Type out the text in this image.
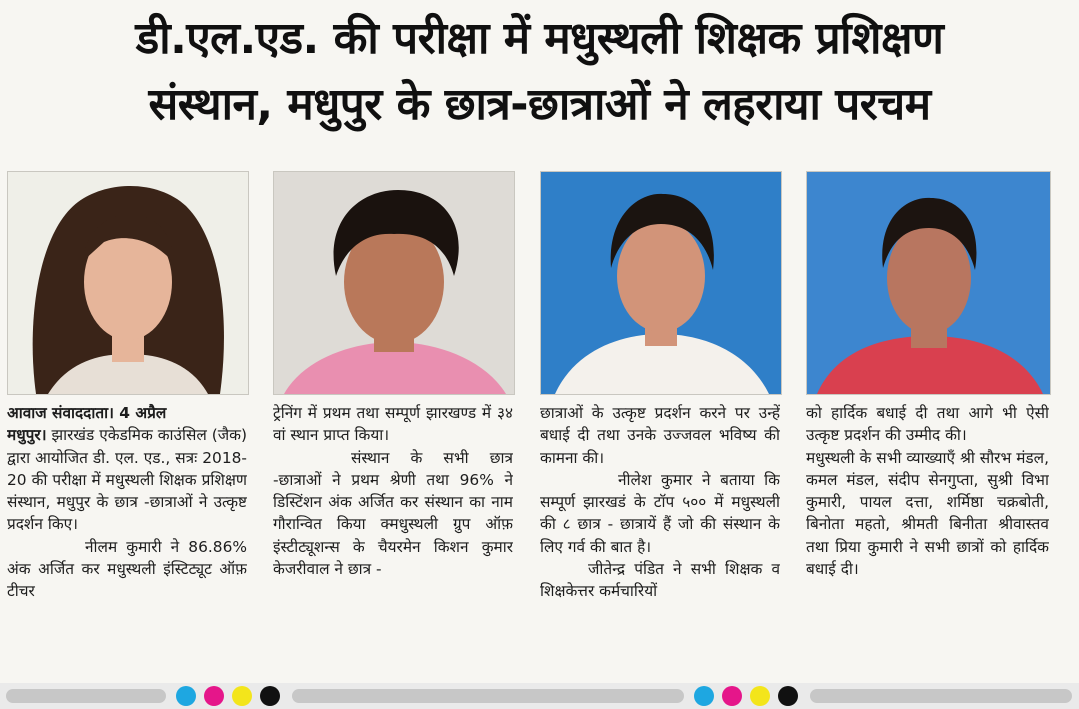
डी.एल.एड. की परीक्षा में मधुस्थली शिक्षक प्रशिक्षण
संस्थान, मधुपुर के छात्र-छात्राओं ने लहराया परचम

आवाज संवाददाता। 4 अप्रैल

मधुपुर। झारखंड एकेडमिक काउंसिल (जैक) द्वारा आयोजित डी. एल. एड., सत्रः 2018-20 की परीक्षा में मधुस्थली शिक्षक प्रशिक्षण संस्थान, मधुपुर के छात्र -छात्राओं ने उत्कृष्ट प्रदर्शन किए।

नीलम कुमारी ने 86.86% अंक अर्जित कर मधुस्थली इंस्टिट्यूट ऑफ़ टीचर

ट्रेनिंग में प्रथम तथा सम्पूर्ण झारखण्ड में ३४ वां स्थान प्राप्त किया।

संस्थान के सभी छात्र -छात्राओं ने प्रथम श्रेणी तथा 96% ने डिस्टिंशन अंक अर्जित कर संस्थान का नाम गौरान्वित किया क्मधुस्थली ग्रुप ऑफ़ इंस्टीट्यूशन्स के चैयरमेन किशन कुमार केजरीवाल ने छात्र -

छात्राओं के उत्कृष्ट प्रदर्शन करने पर उन्हें बधाई दी तथा उनके उज्जवल भविष्य की कामना की।

नीलेश कुमार ने बताया कि सम्पूर्ण झारखडं के टॉप ५०० में मधुस्थली की ८ छात्र - छात्रायें हैं जो की संस्थान के लिए गर्व की बात है।

जीतेन्द्र पंडित ने सभी शिक्षक व शिक्षकेत्तर कर्मचारियों

को हार्दिक बधाई दी तथा आगे भी ऐसी उत्कृष्ट प्रदर्शन की उम्मीद की।

मधुस्थली के सभी व्याख्याएँ श्री सौरभ मंडल, कमल मंडल, संदीप सेनगुप्ता, सुश्री विभा कुमारी, पायल दत्ता, शर्मिष्ठा चक्रबोती, बिनोता महतो, श्रीमती बिनीता श्रीवास्तव तथा प्रिया कुमारी ने सभी छात्रों को हार्दिक बधाई दी।
